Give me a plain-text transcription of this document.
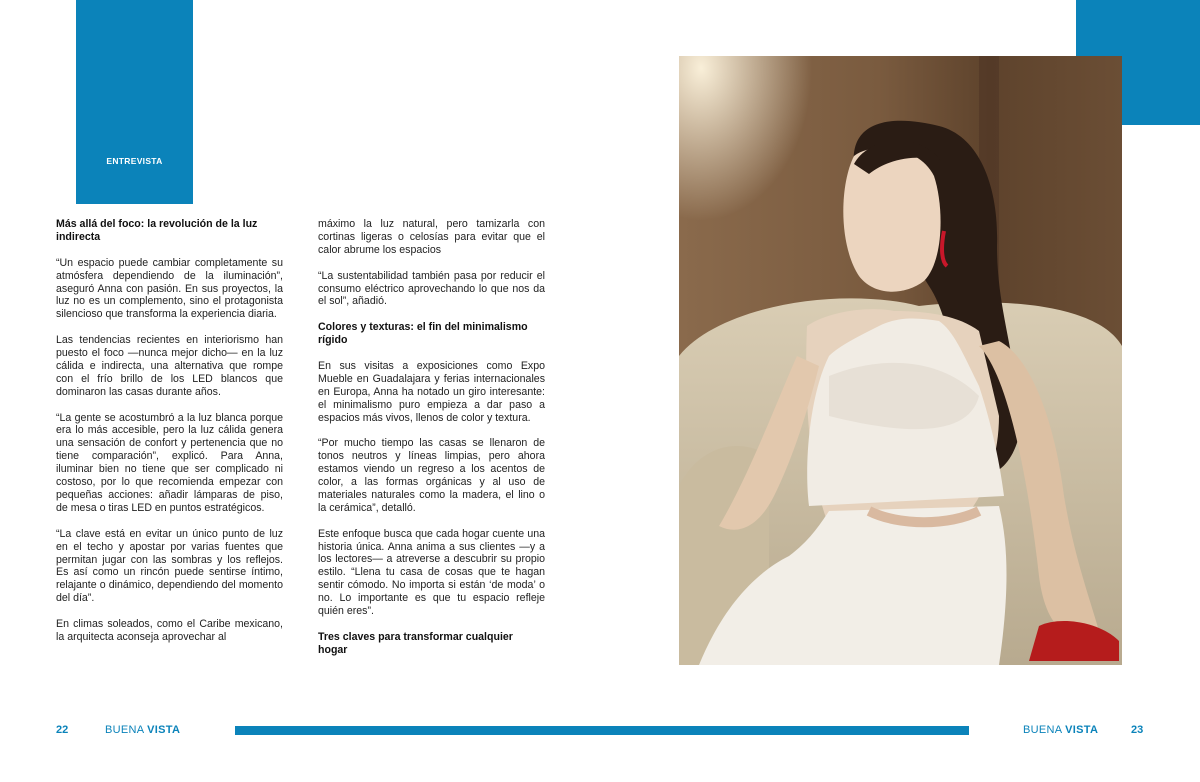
ENTREVISTA
Más allá del foco: la revolución de la luz indirecta

“Un espacio puede cambiar completamente su atmósfera dependiendo de la iluminación”, aseguró Anna con pasión. En sus proyectos, la luz no es un complemento, sino el protagonista silencioso que transforma la experiencia diaria.

Las tendencias recientes en interiorismo han puesto el foco —nunca mejor dicho— en la luz cálida e indirecta, una alternativa que rompe con el frío brillo de los LED blancos que dominaron las casas durante años.

“La gente se acostumbró a la luz blanca porque era lo más accesible, pero la luz cálida genera una sensación de confort y pertenencia que no tiene comparación”, explicó. Para Anna, iluminar bien no tiene que ser complicado ni costoso, por lo que recomienda empezar con pequeñas acciones: añadir lámparas de piso, de mesa o tiras LED en puntos estratégicos.

“La clave está en evitar un único punto de luz en el techo y apostar por varias fuentes que permitan jugar con las sombras y los reflejos. Es así como un rincón puede sentirse íntimo, relajante o dinámico, dependiendo del momento del día”.

En climas soleados, como el Caribe mexicano, la arquitecta aconseja aprovechar al

máximo la luz natural, pero tamizarla con cortinas ligeras o celosías para evitar que el calor abrume los espacios

“La sustentabilidad también pasa por reducir el consumo eléctrico aprovechando lo que nos da el sol”, añadió.

Colores y texturas: el fin del minimalismo rígido

En sus visitas a exposiciones como Expo Mueble en Guadalajara y ferias internacionales en Europa, Anna ha notado un giro interesante: el minimalismo puro empieza a dar paso a espacios más vivos, llenos de color y textura.

“Por mucho tiempo las casas se llenaron de tonos neutros y líneas limpias, pero ahora estamos viendo un regreso a los acentos de color, a las formas orgánicas y al uso de materiales naturales como la madera, el lino o la cerámica”, detalló.

Este enfoque busca que cada hogar cuente una historia única. Anna anima a sus clientes —y a los lectores— a atreverse a descubrir su propio estilo. “Llena tu casa de cosas que te hagan sentir cómodo. No importa si están ‘de moda’ o no. Lo importante es que tu espacio refleje quién eres”.

Tres claves para transformar cualquier hogar
22	BUENA VISTA	BUENA VISTA	23
